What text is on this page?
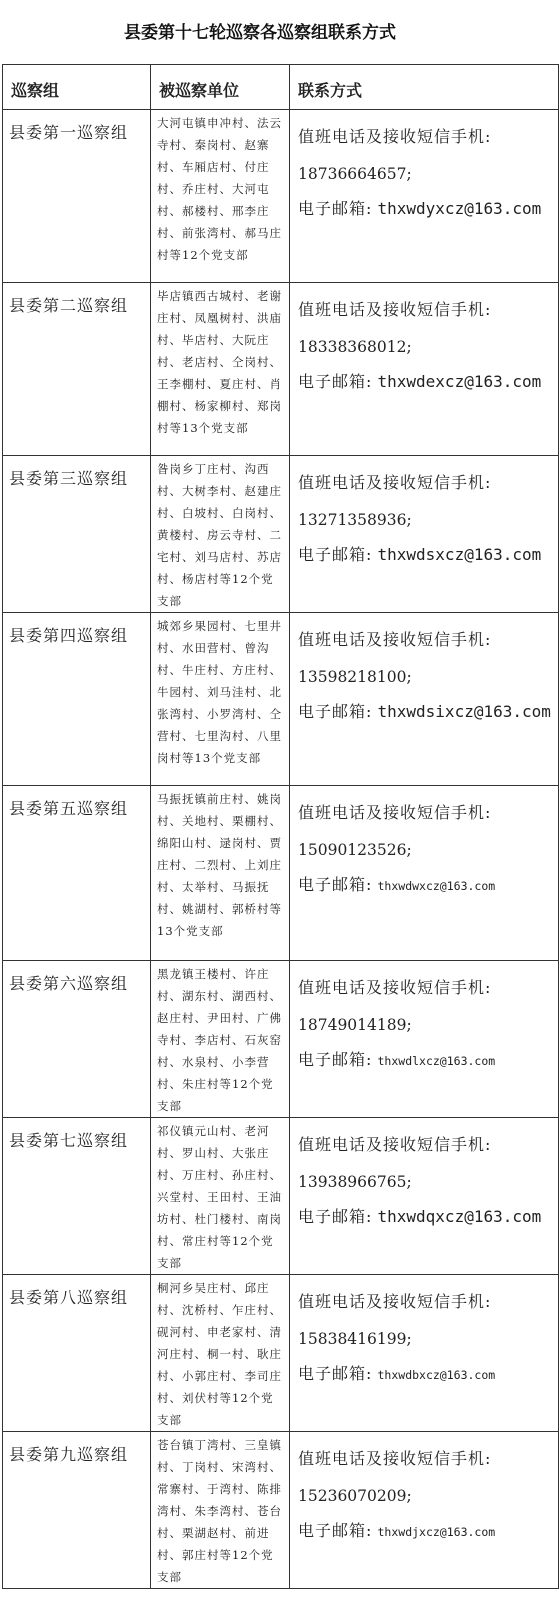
县委第十七轮巡察各巡察组联系方式
巡察组	被巡察单位	联系方式
县委第一巡察组	大河屯镇申冲村、法云寺村、秦岗村、赵寨村、车厢店村、付庄村、乔庄村、大河屯村、郝楼村、邢李庄村、前张湾村、郝马庄村等12个党支部	值班电话及接收短信手机:
18736664657;
电子邮箱: thxwdyxcz@163.com

县委第二巡察组	毕店镇西古城村、老谢庄村、凤凰树村、洪庙村、毕店村、大阮庄村、老店村、仝岗村、王李棚村、夏庄村、肖棚村、杨家柳村、郑岗村等13个党支部	值班电话及接收短信手机:
18338368012;
电子邮箱: thxwdexcz@163.com

县委第三巡察组	昝岗乡丁庄村、沟西村、大树李村、赵建庄村、白坡村、白岗村、黄楼村、房云寺村、二宅村、刘马店村、苏店村、杨店村等12个党支部	值班电话及接收短信手机:
13271358936;
电子邮箱: thxwdsxcz@163.com

县委第四巡察组	城郊乡果园村、七里井村、水田营村、曾沟村、牛庄村、方庄村、牛园村、刘马洼村、北张湾村、小罗湾村、仝营村、七里沟村、八里岗村等13个党支部	值班电话及接收短信手机:
13598218100;
电子邮箱: thxwdsixcz@163.com

县委第五巡察组	马振抚镇前庄村、姚岗村、关地村、栗棚村、绵阳山村、逯岗村、贾庄村、二烈村、上刘庄村、太举村、马振抚村、姚湖村、郭桥村等13个党支部	值班电话及接收短信手机:
15090123526;
电子邮箱: thxwdwxcz@163.com

县委第六巡察组	黑龙镇王楼村、许庄村、湖东村、湖西村、赵庄村、尹田村、广佛寺村、李店村、石灰窑村、水泉村、小李营村、朱庄村等12个党支部	值班电话及接收短信手机:
18749014189;
电子邮箱: thxwdlxcz@163.com

县委第七巡察组	祁仪镇元山村、老河村、罗山村、大张庄村、万庄村、孙庄村、兴堂村、王田村、王油坊村、杜门楼村、南岗村、常庄村等12个党支部	值班电话及接收短信手机:
13938966765;
电子邮箱: thxwdqxcz@163.com

县委第八巡察组	桐河乡吴庄村、邱庄村、沈桥村、乍庄村、砚河村、申老家村、清河庄村、桐一村、耿庄村、小郭庄村、李司庄村、刘伏村等12个党支部	值班电话及接收短信手机:
15838416199;
电子邮箱: thxwdbxcz@163.com

县委第九巡察组	苍台镇丁湾村、三皇镇村、丁岗村、宋湾村、常寨村、于湾村、陈排湾村、朱李湾村、苍台村、栗湖赵村、前进村、郭庄村等12个党支部	值班电话及接收短信手机:
15236070209;
电子邮箱: thxwdjxcz@163.com
